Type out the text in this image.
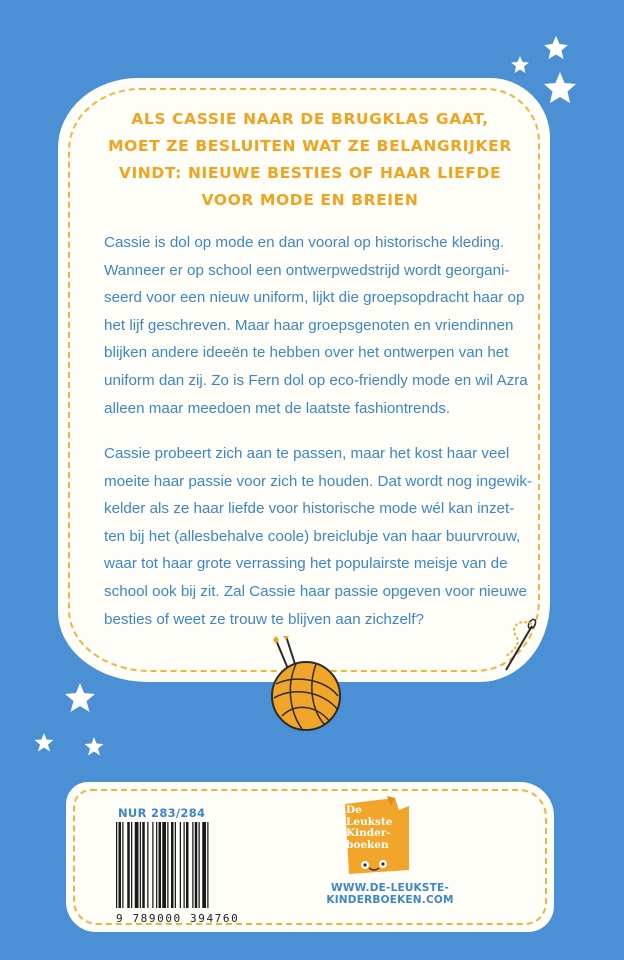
ALS CASSIE NAAR DE BRUGKLAS GAAT,
MOET ZE BESLUITEN WAT ZE BELANGRIJKER
VINDT: NIEUWE BESTIES OF HAAR LIEFDE
VOOR MODE EN BREIEN
Cassie is dol op mode en dan vooral op historische kleding.
Wanneer er op school een ontwerpwedstrijd wordt georgani-
seerd voor een nieuw uniform, lijkt die groepsopdracht haar op
het lijf geschreven. Maar haar groepsgenoten en vriendinnen
blijken andere ideeën te hebben over het ontwerpen van het
uniform dan zij. Zo is Fern dol op eco-friendly mode en wil Azra
alleen maar meedoen met de laatste fashiontrends.
Cassie probeert zich aan te passen, maar het kost haar veel
moeite haar passie voor zich te houden. Dat wordt nog ingewik-
kelder als ze haar liefde voor historische mode wél kan inzet-
ten bij het (allesbehalve coole) breiclubje van haar buurvrouw,
waar tot haar grote verrassing het populairste meisje van de
school ook bij zit. Zal Cassie haar passie opgeven voor nieuwe
besties of weet ze trouw te blijven aan zichzelf?
NUR 283/284
9 789000 394760
De
Leukste
Kinder-
boeken
WWW.DE-LEUKSTE-KINDERBOEKEN.COM
